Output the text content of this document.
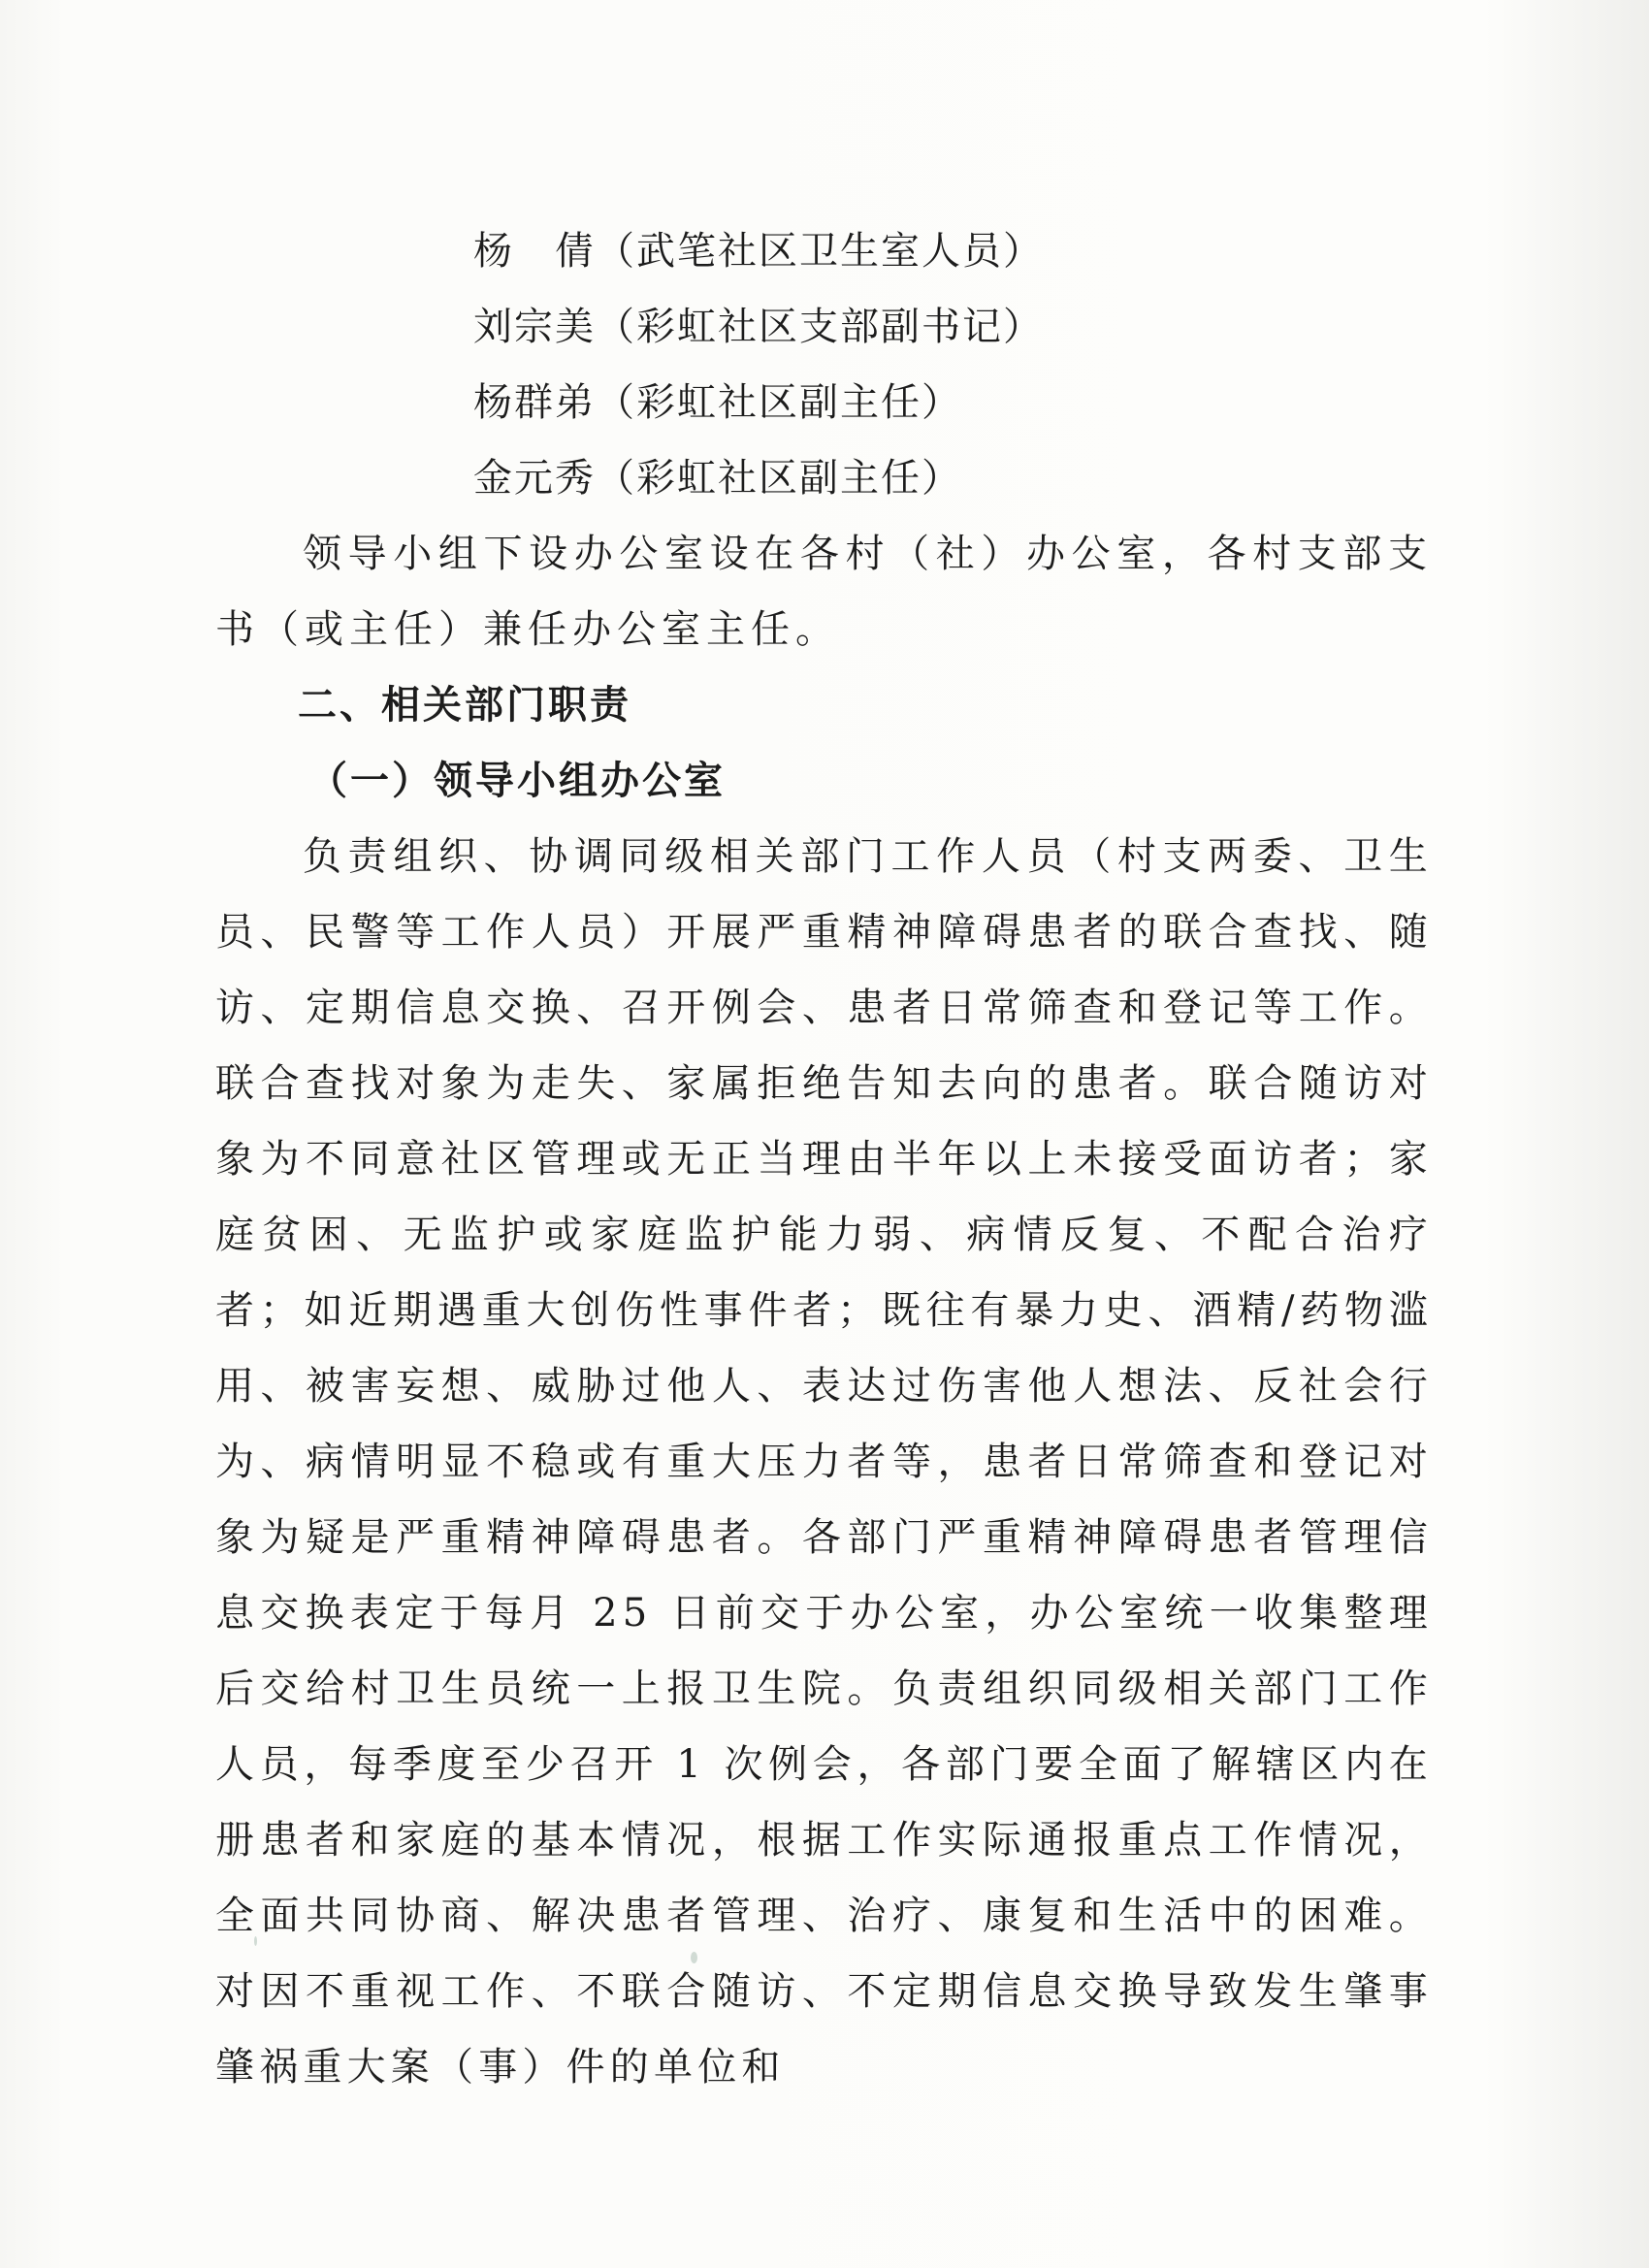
杨　倩（武笔社区卫生室人员）
刘宗美（彩虹社区支部副书记）
杨群弟（彩虹社区副主任）
金元秀（彩虹社区副主任）

领导小组下设办公室设在各村（社）办公室，各村支部支书（或主任）兼任办公室主任。

二、相关部门职责
（一）领导小组办公室

负责组织、协调同级相关部门工作人员（村支两委、卫生员、民警等工作人员）开展严重精神障碍患者的联合查找、随访、定期信息交换、召开例会、患者日常筛查和登记等工作。联合查找对象为走失、家属拒绝告知去向的患者。联合随访对象为不同意社区管理或无正当理由半年以上未接受面访者；家庭贫困、无监护或家庭监护能力弱、病情反复、不配合治疗者；如近期遇重大创伤性事件者；既往有暴力史、酒精/药物滥用、被害妄想、威胁过他人、表达过伤害他人想法、反社会行为、病情明显不稳或有重大压力者等，患者日常筛查和登记对象为疑是严重精神障碍患者。各部门严重精神障碍患者管理信息交换表定于每月 25 日前交于办公室，办公室统一收集整理后交给村卫生员统一上报卫生院。负责组织同级相关部门工作人员，每季度至少召开 1 次例会，各部门要全面了解辖区内在册患者和家庭的基本情况，根据工作实际通报重点工作情况，全面共同协商、解决患者管理、治疗、康复和生活中的困难。对因不重视工作、不联合随访、不定期信息交换导致发生肇事肇祸重大案（事）件的单位和
